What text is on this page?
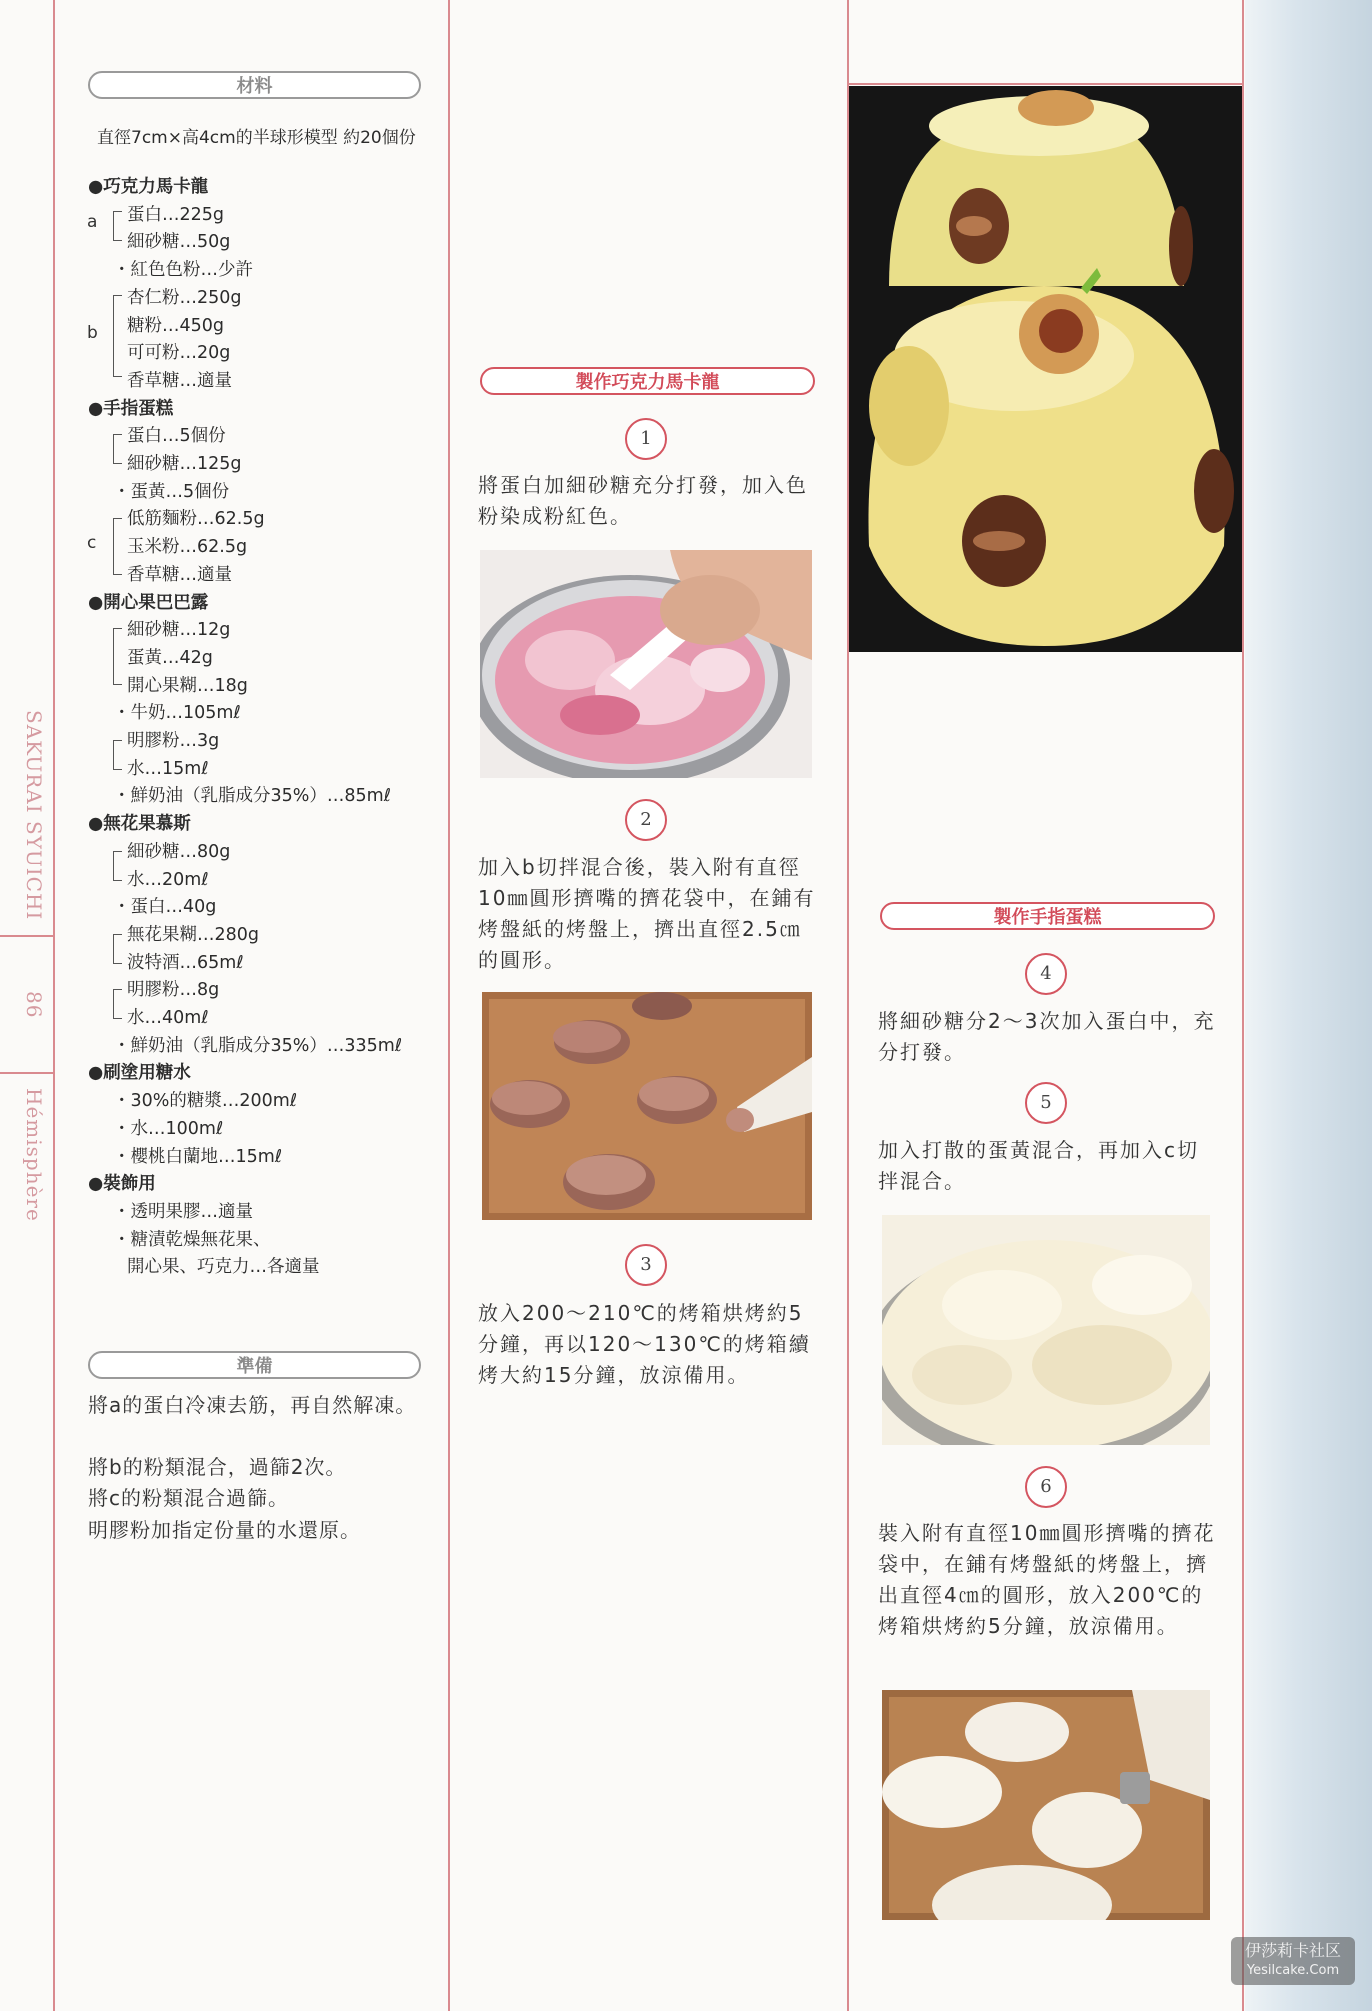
SAKURAI SYUICHI
86
Hémisphère
材料
直徑7cm×高4cm的半球形模型 約20個份
●巧克力馬卡龍
蛋白…225g
細砂糖…50g
・紅色色粉…少許
杏仁粉…250g
糖粉…450g
可可粉…20g
香草糖…適量
●手指蛋糕
蛋白…5個份
細砂糖…125g
・蛋黃…5個份
低筋麵粉…62.5g
玉米粉…62.5g
香草糖…適量
●開心果巴巴露
細砂糖…12g
蛋黃…42g
開心果糊…18g
・牛奶…105mℓ
明膠粉…3g
水…15mℓ
・鮮奶油（乳脂成分35%）…85mℓ
●無花果慕斯
細砂糖…80g
水…20mℓ
・蛋白…40g
無花果糊…280g
波特酒…65mℓ
明膠粉…8g
水…40mℓ
・鮮奶油（乳脂成分35%）…335mℓ
●刷塗用糖水
・30%的糖漿…200mℓ
・水…100mℓ
・櫻桃白蘭地…15mℓ
●裝飾用
・透明果膠…適量
・糖漬乾燥無花果、
開心果、巧克力…各適量
a
b
c
準備
將a的蛋白冷凍去筋，再自然解凍。
將b的粉類混合，過篩2次。
將c的粉類混合過篩。
明膠粉加指定份量的水還原。
製作巧克力馬卡龍
1
將蛋白加細砂糖充分打發，加入色粉染成粉紅色。
2
加入b切拌混合後，裝入附有直徑10㎜圓形擠嘴的擠花袋中，在鋪有烤盤紙的烤盤上，擠出直徑2.5㎝的圓形。
3
放入200～210℃的烤箱烘烤約5分鐘，再以120～130℃的烤箱續烤大約15分鐘，放涼備用。
製作手指蛋糕
4
將細砂糖分2～3次加入蛋白中，充分打發。
5
加入打散的蛋黃混合，再加入c切拌混合。
6
裝入附有直徑10㎜圓形擠嘴的擠花袋中，在鋪有烤盤紙的烤盤上，擠出直徑4㎝的圓形，放入200℃的烤箱烘烤約5分鐘，放涼備用。
伊莎莉卡社区
Yesilcake.Com
